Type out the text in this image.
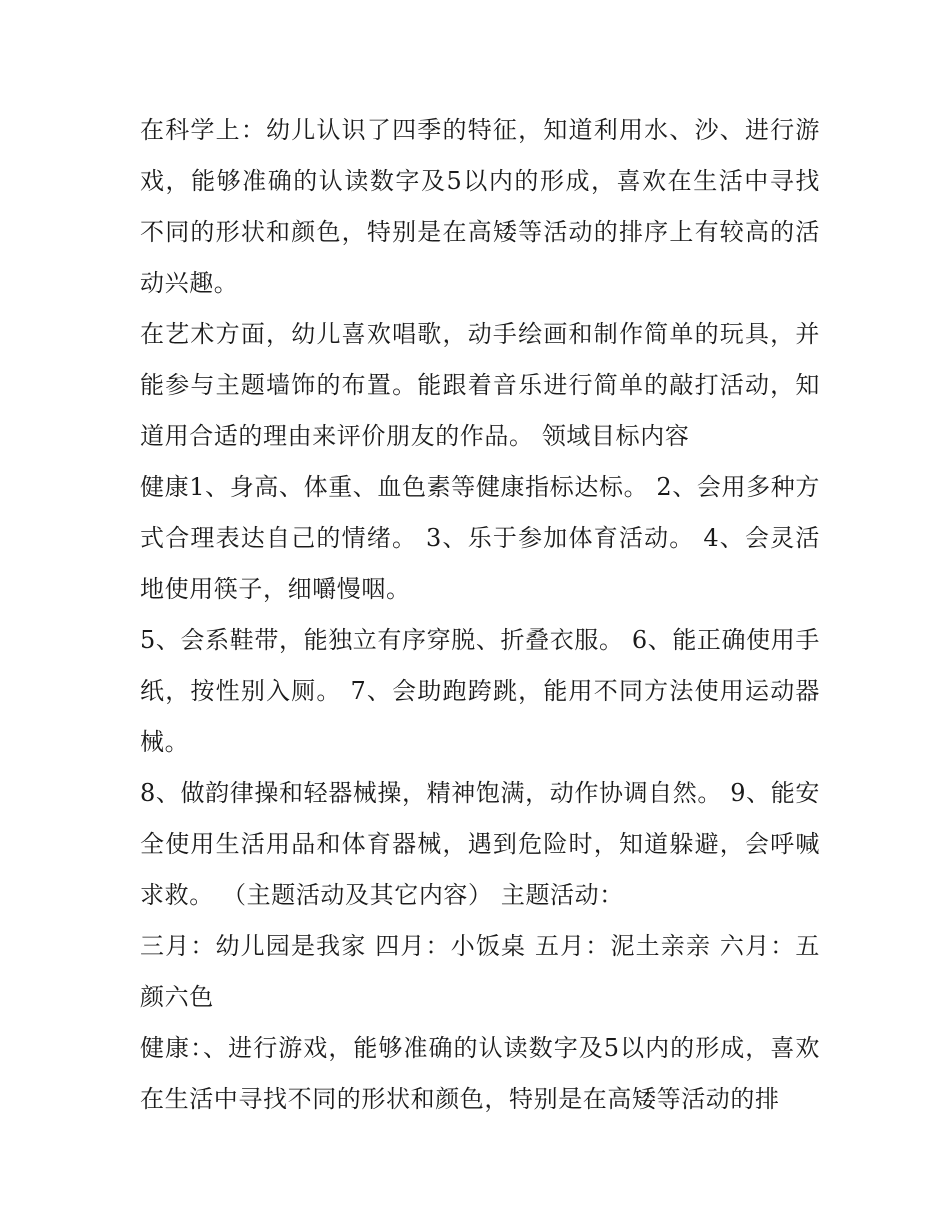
在科学上：幼儿认识了四季的特征，知道利用水、沙、进行游戏，能够准确的认读数字及5以内的形成，喜欢在生活中寻找不同的形状和颜色，特别是在高矮等活动的排序上有较高的活动兴趣。

在艺术方面，幼儿喜欢唱歌，动手绘画和制作简单的玩具，并能参与主题墙饰的布置。能跟着音乐进行简单的敲打活动，知道用合适的理由来评价朋友的作品。 领域目标内容

健康1、身高、体重、血色素等健康指标达标。 2、会用多种方式合理表达自己的情绪。 3、乐于参加体育活动。 4、会灵活地使用筷子，细嚼慢咽。

5、会系鞋带，能独立有序穿脱、折叠衣服。 6、能正确使用手纸，按性别入厕。 7、会助跑跨跳，能用不同方法使用运动器械。

8、做韵律操和轻器械操，精神饱满，动作协调自然。 9、能安全使用生活用品和体育器械，遇到危险时，知道躲避，会呼喊求救。 （主题活动及其它内容） 主题活动：

三月：幼儿园是我家 四月：小饭桌 五月：泥土亲亲 六月：五颜六色

健康：、进行游戏，能够准确的认读数字及5以内的形成，喜欢在生活中寻找不同的形状和颜色，特别是在高矮等活动的排
